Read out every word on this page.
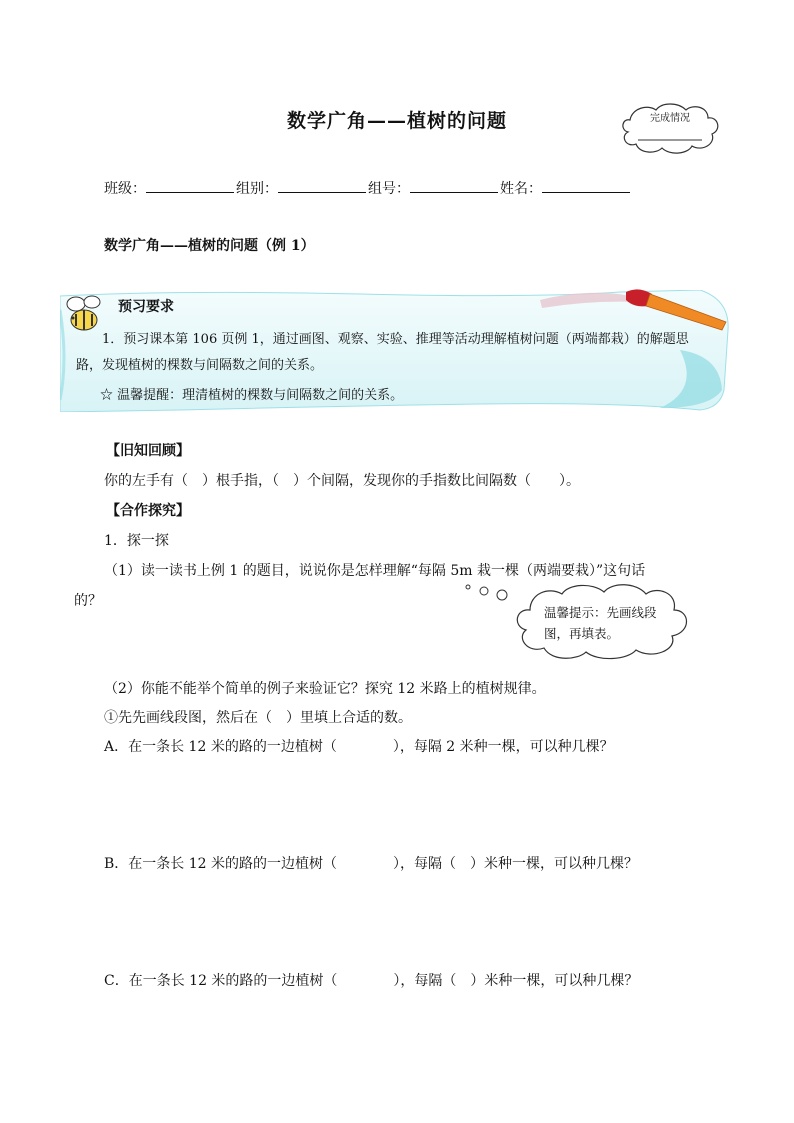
数学广角——植树的问题	完成情况
班级：	组别：	组号：	姓名：
数学广角——植树的问题（例 1）
预习要求
1．预习课本第 106 页例 1，通过画图、观察、实验、推理等活动理解植树问题（两端都栽）的解题思
路，发现植树的棵数与间隔数之间的关系。
☆ 温馨提醒：理清植树的棵数与间隔数之间的关系。
【旧知回顾】
你的左手有（　）根手指，（　）个间隔，发现你的手指数比间隔数（　　）。
【合作探究】
1．探一探
（1）读一读书上例 1 的题目，说说你是怎样理解“每隔 5m 栽一棵（两端要栽）”这句话
的？
温馨提示：先画线段图，再填表。
（2）你能不能举个简单的例子来验证它？探究 12 米路上的植树规律。
①先先画线段图，然后在（　）里填上合适的数。
A．在一条长 12 米的路的一边植树（　　　　），每隔 2 米种一棵，可以种几棵？
B．在一条长 12 米的路的一边植树（　　　　），每隔（　）米种一棵，可以种几棵？
C．在一条长 12 米的路的一边植树（　　　　），每隔（　）米种一棵，可以种几棵？
